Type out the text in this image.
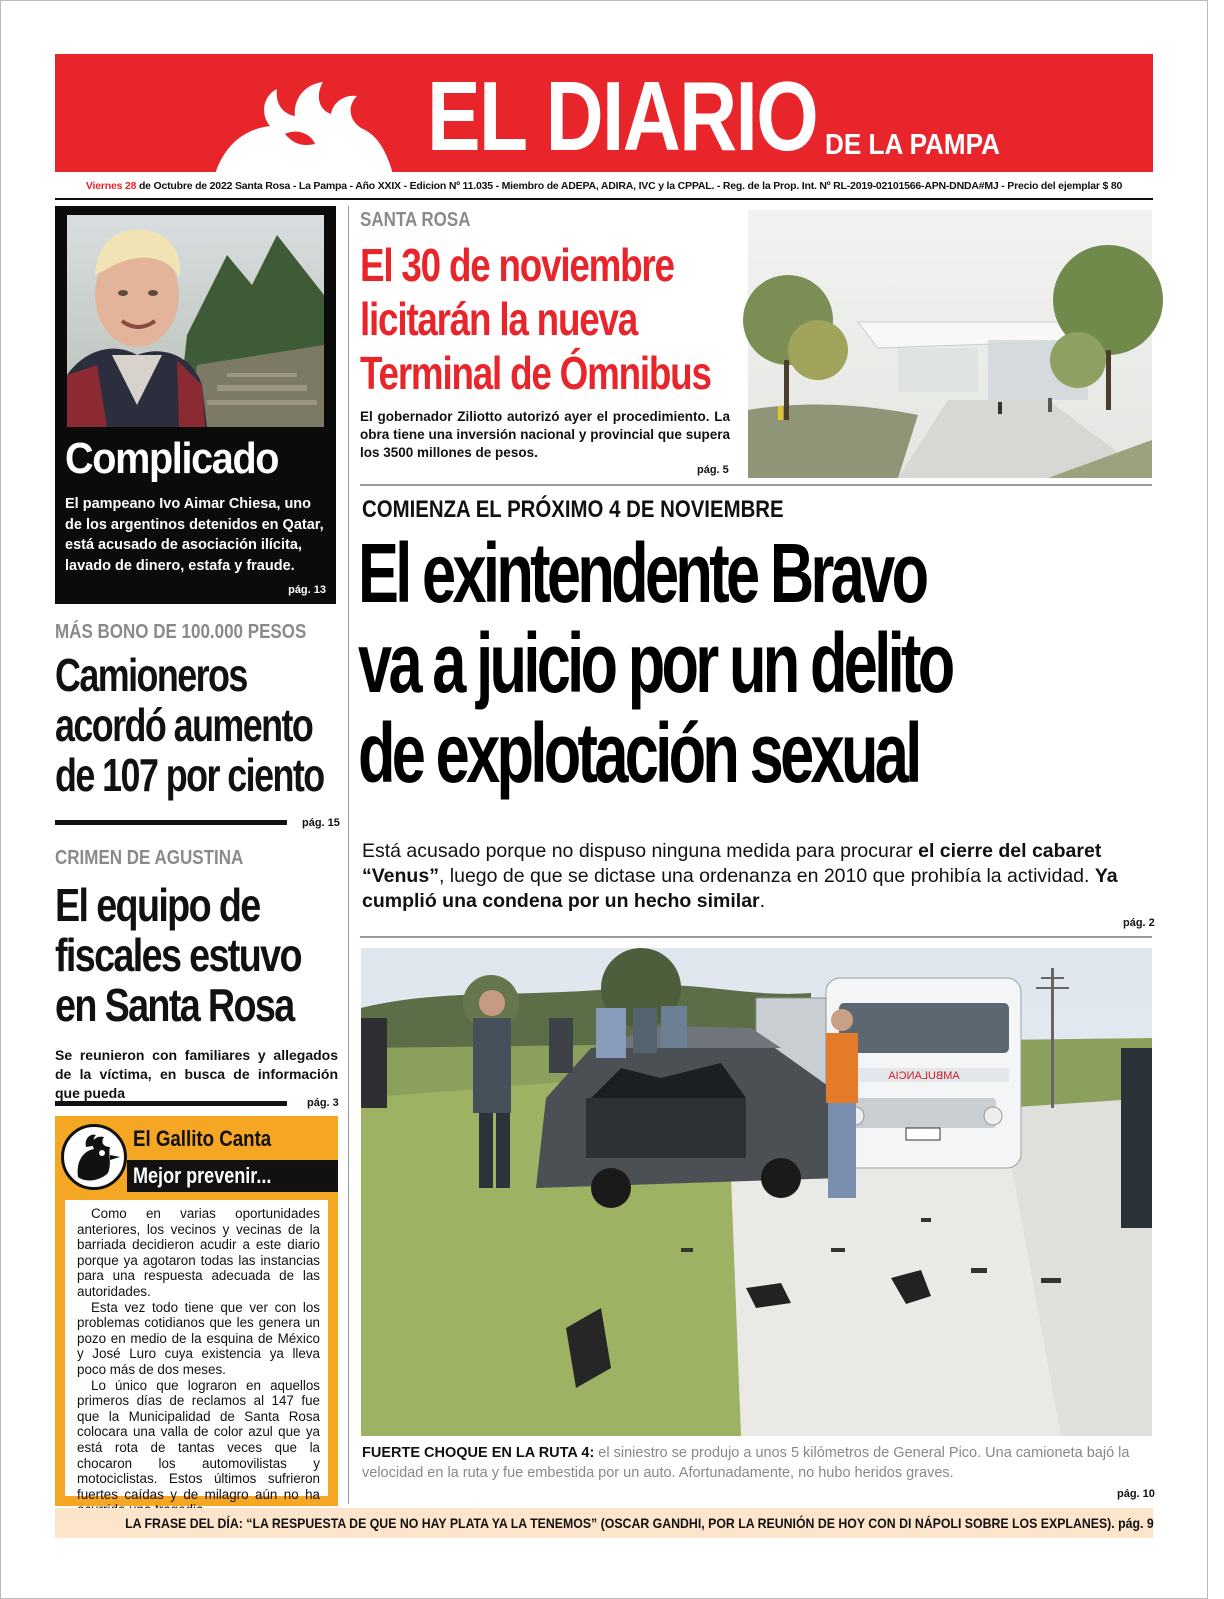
EL DIARIO DE LA PAMPA
Viernes 28 de Octubre de 2022 Santa Rosa - La Pampa - Año XXIX - Edicion Nº 11.035 - Miembro de ADEPA, ADIRA, IVC y la CPPAL. - Reg. de la Prop. Int. Nº RL-2019-02101566-APN-DNDA#MJ - Precio del ejemplar $ 80
Complicado

El pampeano Ivo Aimar Chiesa, uno de los argentinos detenidos en Qatar, está acusado de asociación ilícita, lavado de dinero, estafa y fraude.

pág. 13
MÁS BONO DE 100.000 PESOS
Camioneros
acordó aumento
de 107 por ciento
pág. 15
CRIMEN DE AGUSTINA
El equipo de
fiscales estuvo
en Santa Rosa
Se reunieron con familiares y allegados de la víctima, en busca de información que pueda
pág. 3
El Gallito Canta
Mejor prevenir...

Como en varias oportunidades anteriores, los vecinos y vecinas de la barriada decidieron acudir a este diario porque ya agotaron todas las instancias para una respuesta adecuada de las autoridades.

Esta vez todo tiene que ver con los problemas cotidianos que les genera un pozo en medio de la esquina de México y José Luro cuya existencia ya lleva poco más de dos meses.

Lo único que lograron en aquellos primeros días de reclamos al 147 fue que la Municipalidad de Santa Rosa colocara una valla de color azul que ya está rota de tantas veces que la chocaron los automovilistas y motociclistas. Estos últimos sufrieron fuertes caídas y de milagro aún no ha

SANTA ROSA
El 30 de noviembre
licitarán la nueva
Terminal de Ómnibus
El gobernador Ziliotto autorizó ayer el procedimiento. La obra tiene una inversión nacional y provincial que supera los 3500 millones de pesos.
pág. 5
COMIENZA EL PRÓXIMO 4 DE NOVIEMBRE
El exintendente Bravo
va a juicio por un delito
de explotación sexual
Está acusado porque no dispuso ninguna medida para procurar el cierre del cabaret “Venus”, luego de que se dictase una ordenanza en 2010 que prohibía la actividad. Ya cumplió una condena por un hecho similar.
pág. 2
AMBULANCIA
FUERTE CHOQUE EN LA RUTA 4: el siniestro se produjo a unos 5 kilómetros de General Pico. Una camioneta bajó la velocidad en la ruta y fue embestida por un auto. Afortunadamente, no hubo heridos graves.
pág. 10
LA FRASE DEL DÍA: “LA RESPUESTA DE QUE NO HAY PLATA YA LA TENEMOS” (OSCAR GANDHI, POR LA REUNIÓN DE HOY CON DI NÁPOLI SOBRE LOS EXPLANES). pág. 9
